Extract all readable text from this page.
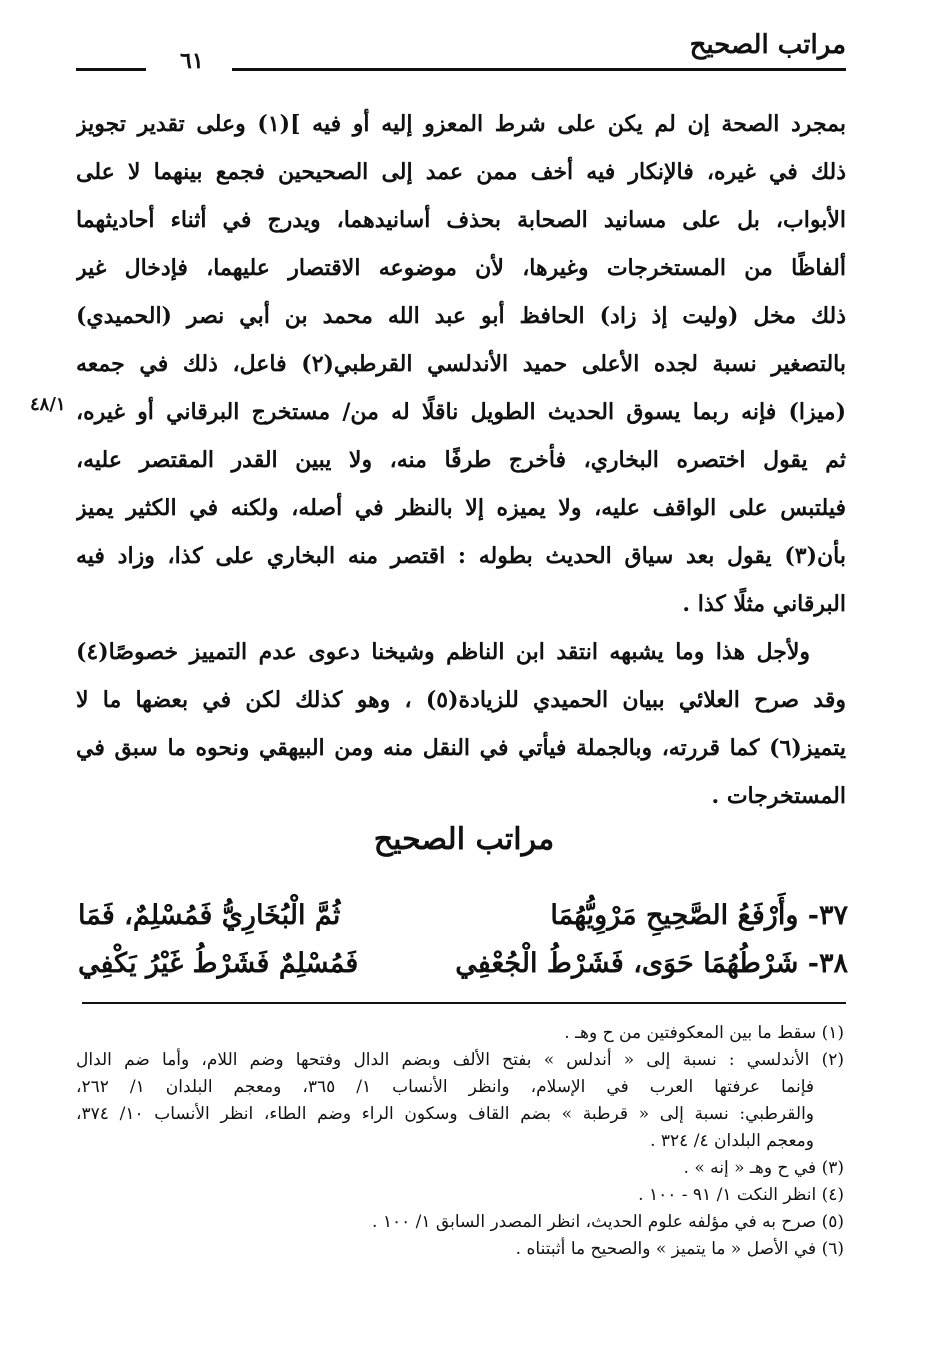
مراتب الصحيح
٦١
بمجرد الصحة إن لم يكن على شرط المعزو إليه أو فيه ](١) وعلى تقدير تجويز
ذلك في غيره، فالإنكار فيه أخف ممن عمد إلى الصحيحين فجمع بينهما لا على
الأبواب، بل على مسانيد الصحابة بحذف أسانيدهما، ويدرج في أثناء أحاديثهما
ألفاظًا من المستخرجات وغيرها، لأن موضوعه الاقتصار عليهما، فإدخال غير
ذلك مخل (وليت إذ زاد) الحافظ أبو عبد الله محمد بن أبي نصر (الحميدي)
بالتصغير نسبة لجده الأعلى حميد الأندلسي القرطبي(٢) فاعل، ذلك في جمعه
(ميزا) فإنه ربما يسوق الحديث الطويل ناقلًا له من/ مستخرج البرقاني أو غيره،
ثم يقول اختصره البخاري، فأخرج طرفًا منه، ولا يبين القدر المقتصر عليه،
فيلتبس على الواقف عليه، ولا يميزه إلا بالنظر في أصله، ولكنه في الكثير يميز
بأن(٣) يقول بعد سياق الحديث بطوله : اقتصر منه البخاري على كذا، وزاد فيه
البرقاني مثلًا كذا .
ولأجل هذا وما يشبهه انتقد ابن الناظم وشيخنا دعوى عدم التمييز خصوصًا(٤)
وقد صرح العلائي ببيان الحميدي للزيادة(٥) ، وهو كذلك لكن في بعضها ما لا
يتميز(٦) كما قررته، وبالجملة فيأتي في النقل منه ومن البيهقي ونحوه ما سبق في
المستخرجات .
٤٨/١
مراتب الصحيح
٣٧- وأَرْفَعُ الصَّحِيحِ مَرْوِيُّهُمَا
ثُمَّ الْبُخَارِيُّ فَمُسْلِمٌ، فَمَا
٣٨- شَرْطُهُمَا حَوَى، فَشَرْطُ الْجُعْفِي
فَمُسْلِمٌ فَشَرْطُ غَيْرُ يَكْفِي
(١) سقط ما بين المعكوفتين من ح وهـ .
(٢) الأندلسي : نسبة إلى « أندلس » بفتح الألف وبضم الدال وفتحها وضم اللام، وأما ضم الدال
فإنما عرفتها العرب في الإسلام، وانظر الأنساب ١/ ٣٦٥، ومعجم البلدان ١/ ٢٦٢،
والقرطبي: نسبة إلى « قرطبة » بضم القاف وسكون الراء وضم الطاء، انظر الأنساب ١٠/ ٣٧٤،
ومعجم البلدان ٤/ ٣٢٤ .
(٣) في ح وهـ « إنه » .
(٤) انظر النكت ١/ ٩١ - ١٠٠ .
(٥) صرح به في مؤلفه علوم الحديث، انظر المصدر السابق ١/ ١٠٠ .
(٦) في الأصل « ما يتميز » والصحيح ما أثبتناه .
